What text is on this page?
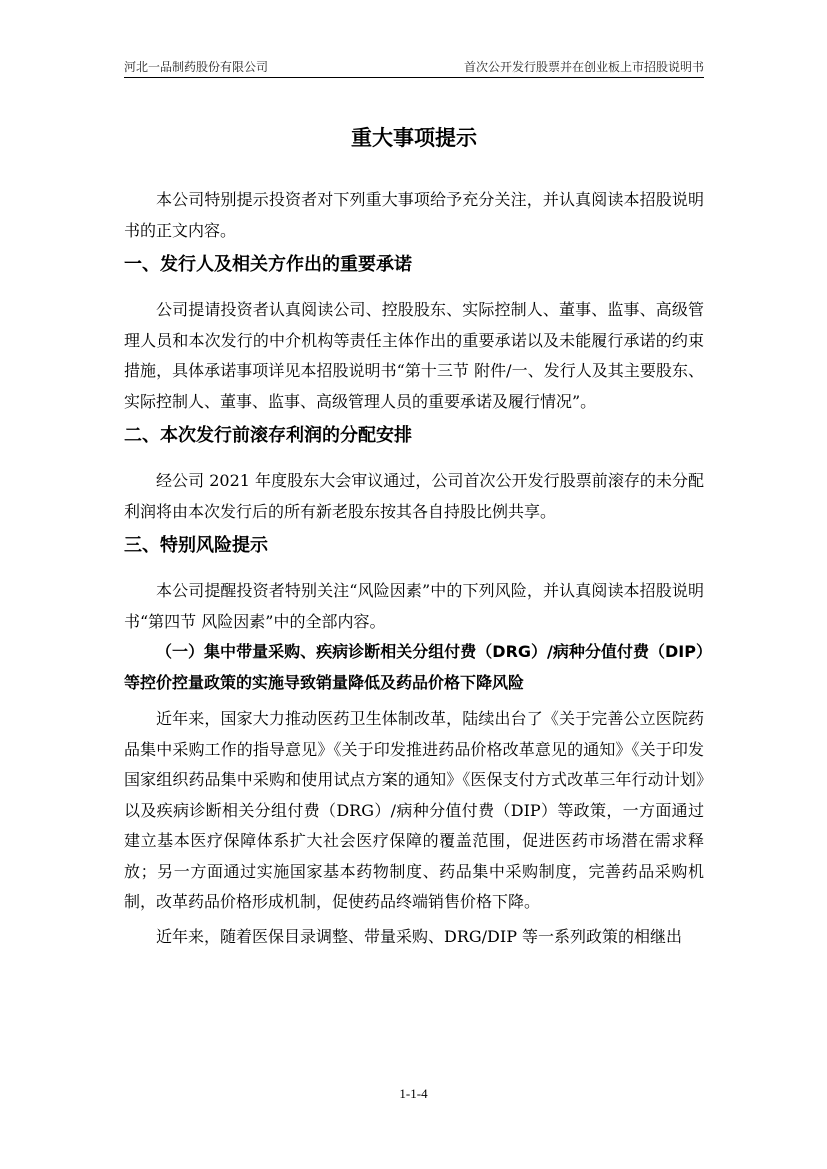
河北一品制药股份有限公司	首次公开发行股票并在创业板上市招股说明书
重大事项提示

本公司特别提示投资者对下列重大事项给予充分关注，并认真阅读本招股说明书的正文内容。

一、发行人及相关方作出的重要承诺

公司提请投资者认真阅读公司、控股股东、实际控制人、董事、监事、高级管理人员和本次发行的中介机构等责任主体作出的重要承诺以及未能履行承诺的约束措施，具体承诺事项详见本招股说明书“第十三节 附件/一、发行人及其主要股东、实际控制人、董事、监事、高级管理人员的重要承诺及履行情况”。

二、本次发行前滚存利润的分配安排

经公司 2021 年度股东大会审议通过，公司首次公开发行股票前滚存的未分配利润将由本次发行后的所有新老股东按其各自持股比例共享。

三、特别风险提示

本公司提醒投资者特别关注“风险因素”中的下列风险，并认真阅读本招股说明书“第四节 风险因素”中的全部内容。

（一）集中带量采购、疾病诊断相关分组付费（DRG）/病种分值付费（DIP）等控价控量政策的实施导致销量降低及药品价格下降风险

近年来，国家大力推动医药卫生体制改革，陆续出台了《关于完善公立医院药品集中采购工作的指导意见》《关于印发推进药品价格改革意见的通知》《关于印发国家组织药品集中采购和使用试点方案的通知》《医保支付方式改革三年行动计划》以及疾病诊断相关分组付费（DRG）/病种分值付费（DIP）等政策，一方面通过建立基本医疗保障体系扩大社会医疗保障的覆盖范围，促进医药市场潜在需求释放；另一方面通过实施国家基本药物制度、药品集中采购制度，完善药品采购机制，改革药品价格形成机制，促使药品终端销售价格下降。

近年来，随着医保目录调整、带量采购、DRG/DIP 等一系列政策的相继出

1-1-4
